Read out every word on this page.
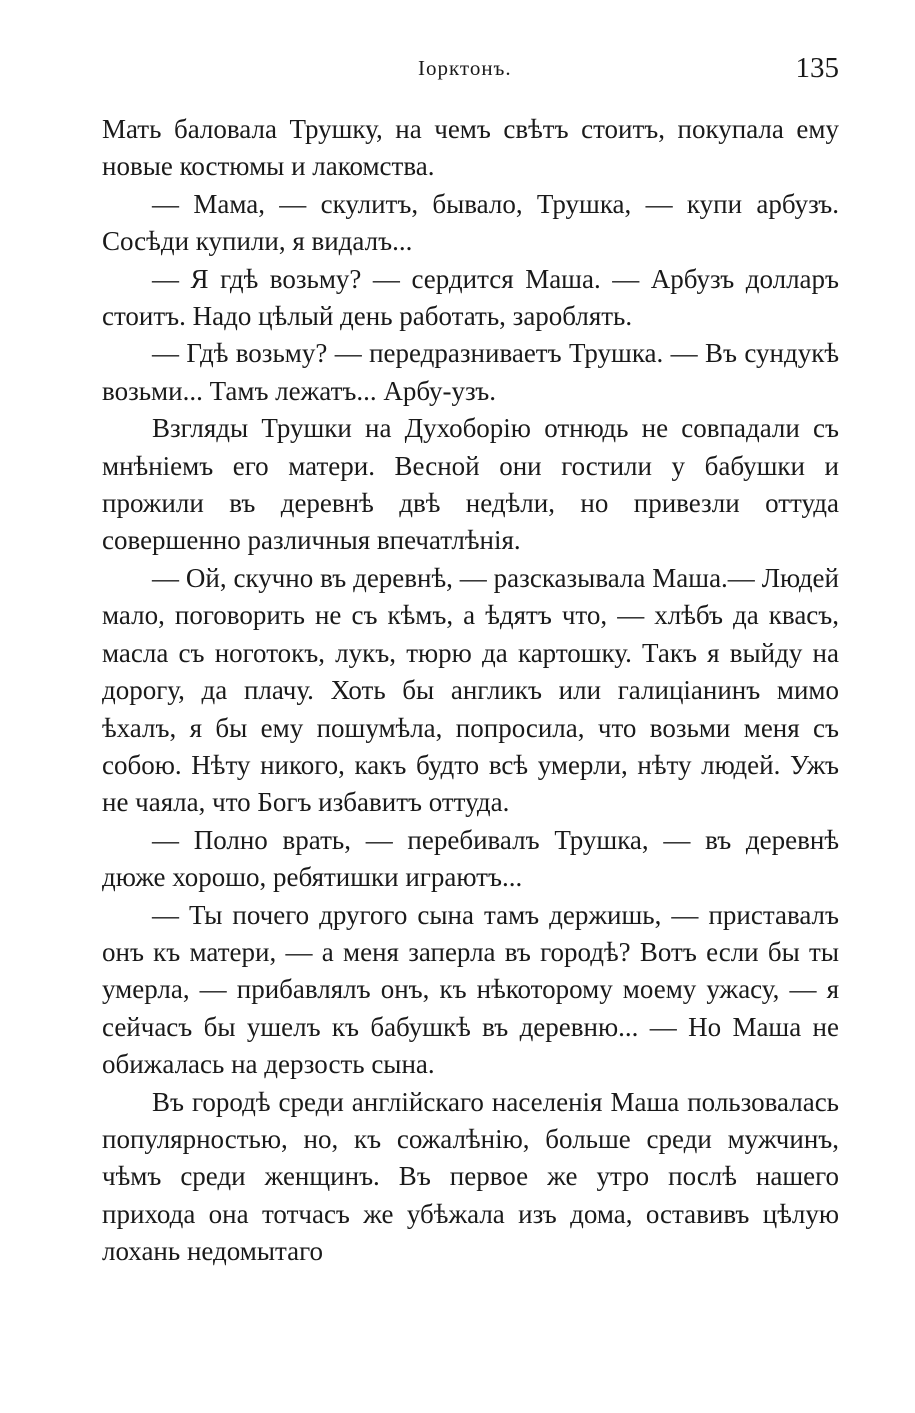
Іорктонъ.	135

Мать баловала Трушку, на чемъ свѣтъ стоитъ, покупала ему новые костюмы и лакомства.

— Мама, — скулитъ, бывало, Трушка, — купи арбузъ. Сосѣди купили, я видалъ...

— Я гдѣ возьму? — сердится Маша. — Арбузъ долларъ стоитъ. Надо цѣлый день работать, зароблять.

— Гдѣ возьму? — передразниваетъ Трушка. — Въ сундукѣ возьми... Тамъ лежатъ... Арбу-узъ.

Взгляды Трушки на Духоборію отнюдь не совпадали съ мнѣніемъ его матери. Весной они гостили у бабушки и прожили въ деревнѣ двѣ недѣли, но привезли оттуда совершенно различныя впечатлѣнія.

— Ой, скучно въ деревнѣ, — разсказывала Маша.— Людей мало, поговорить не съ кѣмъ, а ѣдятъ что, — хлѣбъ да квасъ, масла съ ноготокъ, лукъ, тюрю да картошку. Такъ я выйду на дорогу, да плачу. Хоть бы англикъ или галиціанинъ мимо ѣхалъ, я бы ему пошумѣла, попросила, что возьми меня съ собою. Нѣту никого, какъ будто всѣ умерли, нѣту людей. Ужъ не чаяла, что Богъ избавитъ оттуда.

— Полно врать, — перебивалъ Трушка, — въ деревнѣ дюже хорошо, ребятишки играютъ...

— Ты почего другого сына тамъ держишь, — приставалъ онъ къ матери, — а меня заперла въ городѣ? Вотъ если бы ты умерла, — прибавлялъ онъ, къ нѣкоторому моему ужасу, — я сейчасъ бы ушелъ къ бабушкѣ въ деревню... — Но Маша не обижалась на дерзость сына.

Въ городѣ среди англійскаго населенія Маша пользовалась популярностью, но, къ сожалѣнію, больше среди мужчинъ, чѣмъ среди женщинъ. Въ первое же утро послѣ нашего прихода она тотчасъ же убѣжала изъ дома, оставивъ цѣлую лохань недомытаго
